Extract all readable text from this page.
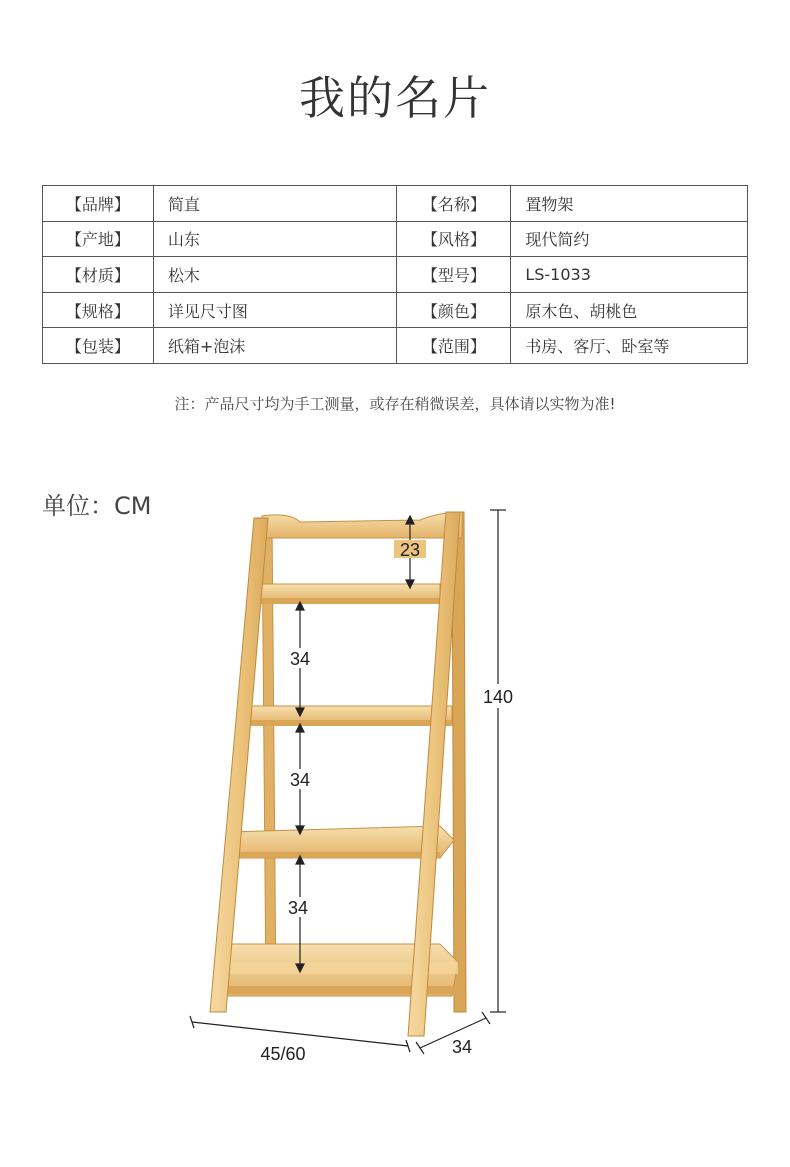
我的名片
【品牌】	简直	【名称】	置物架
【产地】	山东	【风格】	现代简约
【材质】	松木	【型号】	LS-1033
【规格】	详见尺寸图	【颜色】	原木色、胡桃色
【包装】	纸箱+泡沫	【范围】	书房、客厅、卧室等
注：产品尺寸均为手工测量，或存在稍微误差，具体请以实物为准!
单位：CM
23
34
34
34
140
45/60	34
